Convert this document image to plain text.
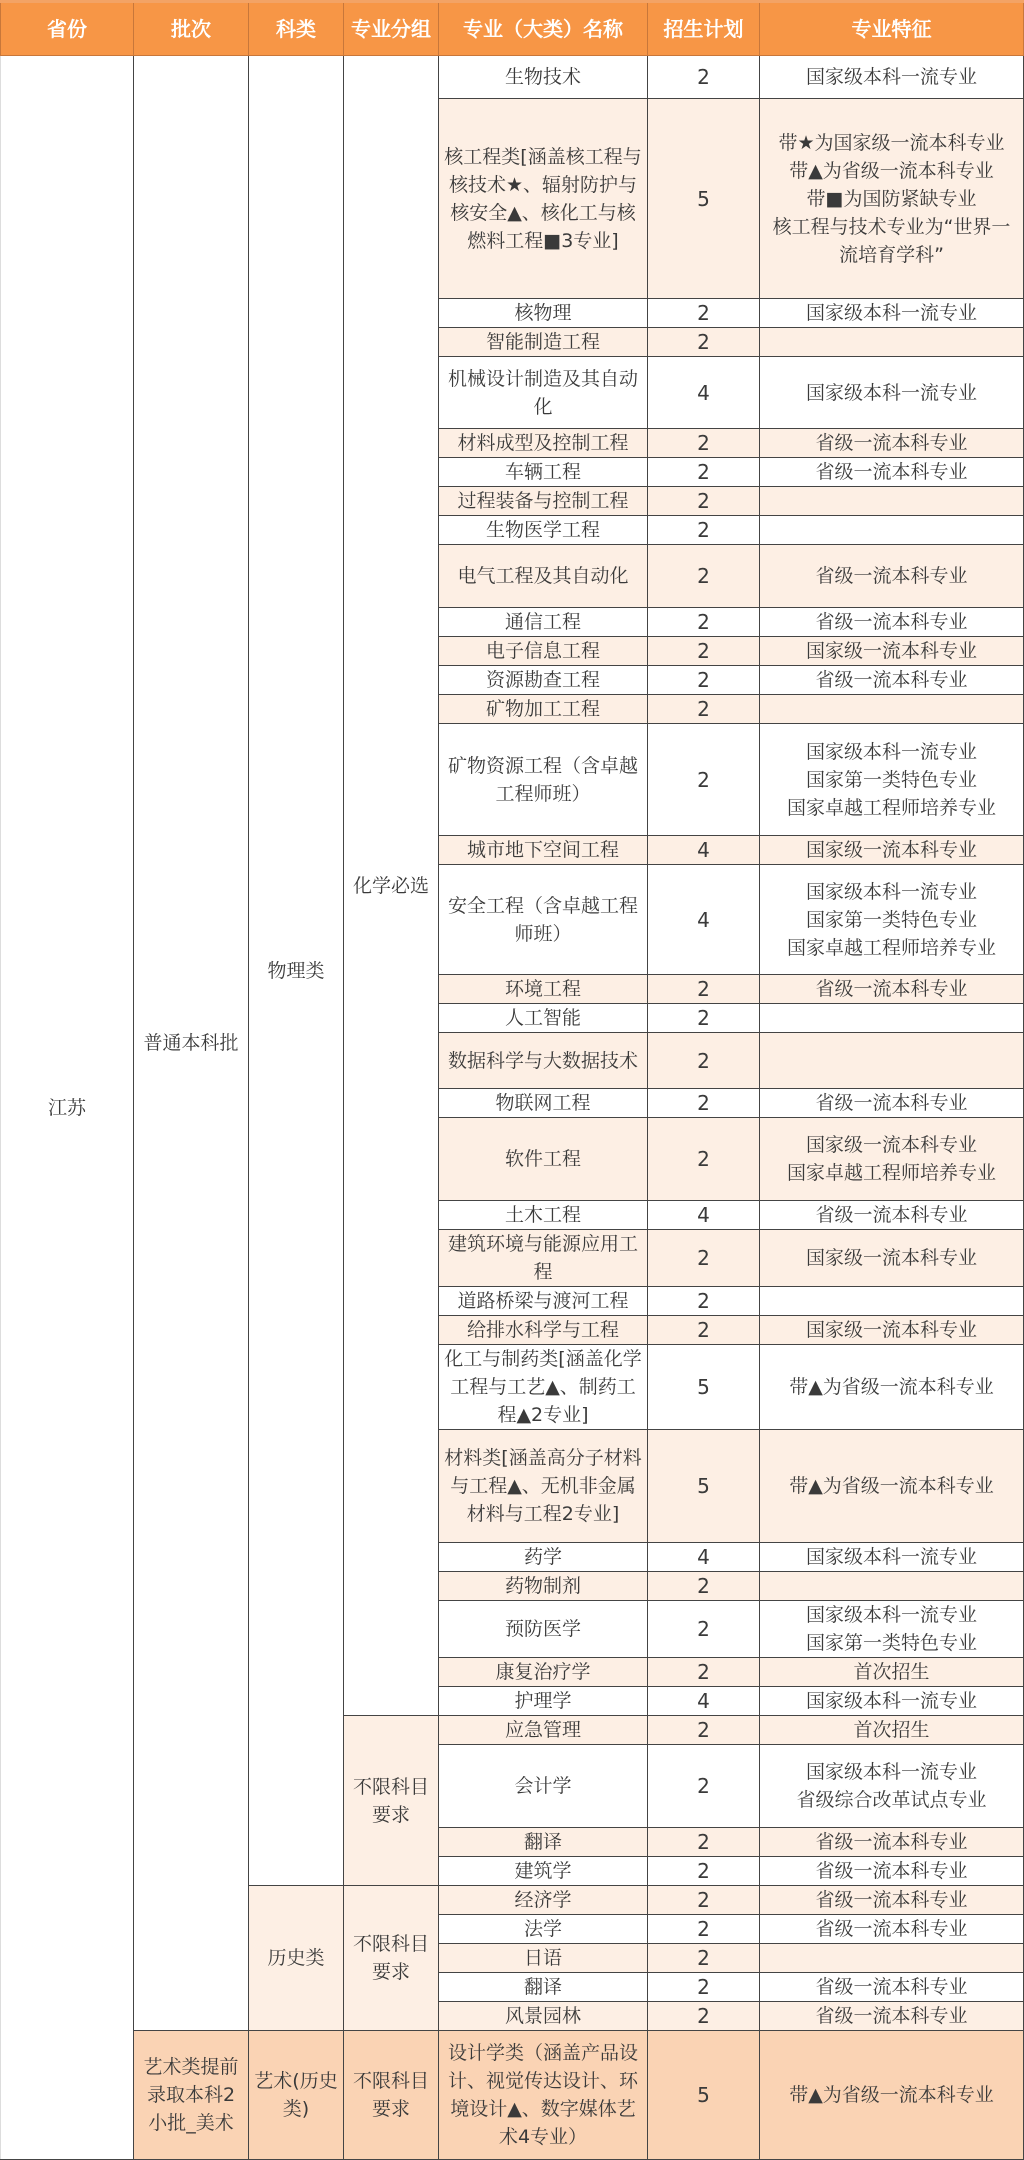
省份	批次	科类	专业分组	专业（大类）名称	招生计划	专业特征
江苏	普通本科批	物理类	化学必选	生物技术	2	国家级本科一流专业
				核工程类[涵盖核工程与核技术★、辐射防护与核安全▲、核化工与核燃料工程■3专业]	5	带★为国家级一流本科专业
带▲为省级一流本科专业
带■为国防紧缺专业
核工程与技术专业为“世界一流培育学科”
				核物理	2	国家级本科一流专业
				智能制造工程	2	
				机械设计制造及其自动化	4	国家级本科一流专业
				材料成型及控制工程	2	省级一流本科专业
				车辆工程	2	省级一流本科专业
				过程装备与控制工程	2	
				生物医学工程	2	
				电气工程及其自动化	2	省级一流本科专业
				通信工程	2	省级一流本科专业
				电子信息工程	2	国家级一流本科专业
				资源勘查工程	2	省级一流本科专业
				矿物加工工程	2	
				矿物资源工程（含卓越工程师班）	2	国家级本科一流专业
国家第一类特色专业
国家卓越工程师培养专业
				城市地下空间工程	4	国家级一流本科专业
				安全工程（含卓越工程师班）	4	国家级本科一流专业
国家第一类特色专业
国家卓越工程师培养专业
				环境工程	2	省级一流本科专业
				人工智能	2	
				数据科学与大数据技术	2	
				物联网工程	2	省级一流本科专业
				软件工程	2	国家级一流本科专业
国家卓越工程师培养专业
				土木工程	4	省级一流本科专业
				建筑环境与能源应用工程	2	国家级一流本科专业
				道路桥梁与渡河工程	2	
				给排水科学与工程	2	国家级一流本科专业
				化工与制药类[涵盖化学工程与工艺▲、制药工程▲2专业]	5	带▲为省级一流本科专业
				材料类[涵盖高分子材料与工程▲、无机非金属材料与工程2专业]	5	带▲为省级一流本科专业
				药学	4	国家级本科一流专业
				药物制剂	2	
				预防医学	2	国家级本科一流专业
国家第一类特色专业
				康复治疗学	2	首次招生
				护理学	4	国家级本科一流专业
			不限科目要求	应急管理	2	首次招生
				会计学	2	国家级本科一流专业
省级综合改革试点专业
				翻译	2	省级一流本科专业
				建筑学	2	省级一流本科专业
		历史类	不限科目要求	经济学	2	省级一流本科专业
				法学	2	省级一流本科专业
				日语	2	
				翻译	2	省级一流本科专业
				风景园林	2	省级一流本科专业
	艺术类提前录取本科2小批_美术	艺术(历史类)	不限科目要求	设计学类（涵盖产品设计、视觉传达设计、环境设计▲、数字媒体艺术4专业）	5	带▲为省级一流本科专业
